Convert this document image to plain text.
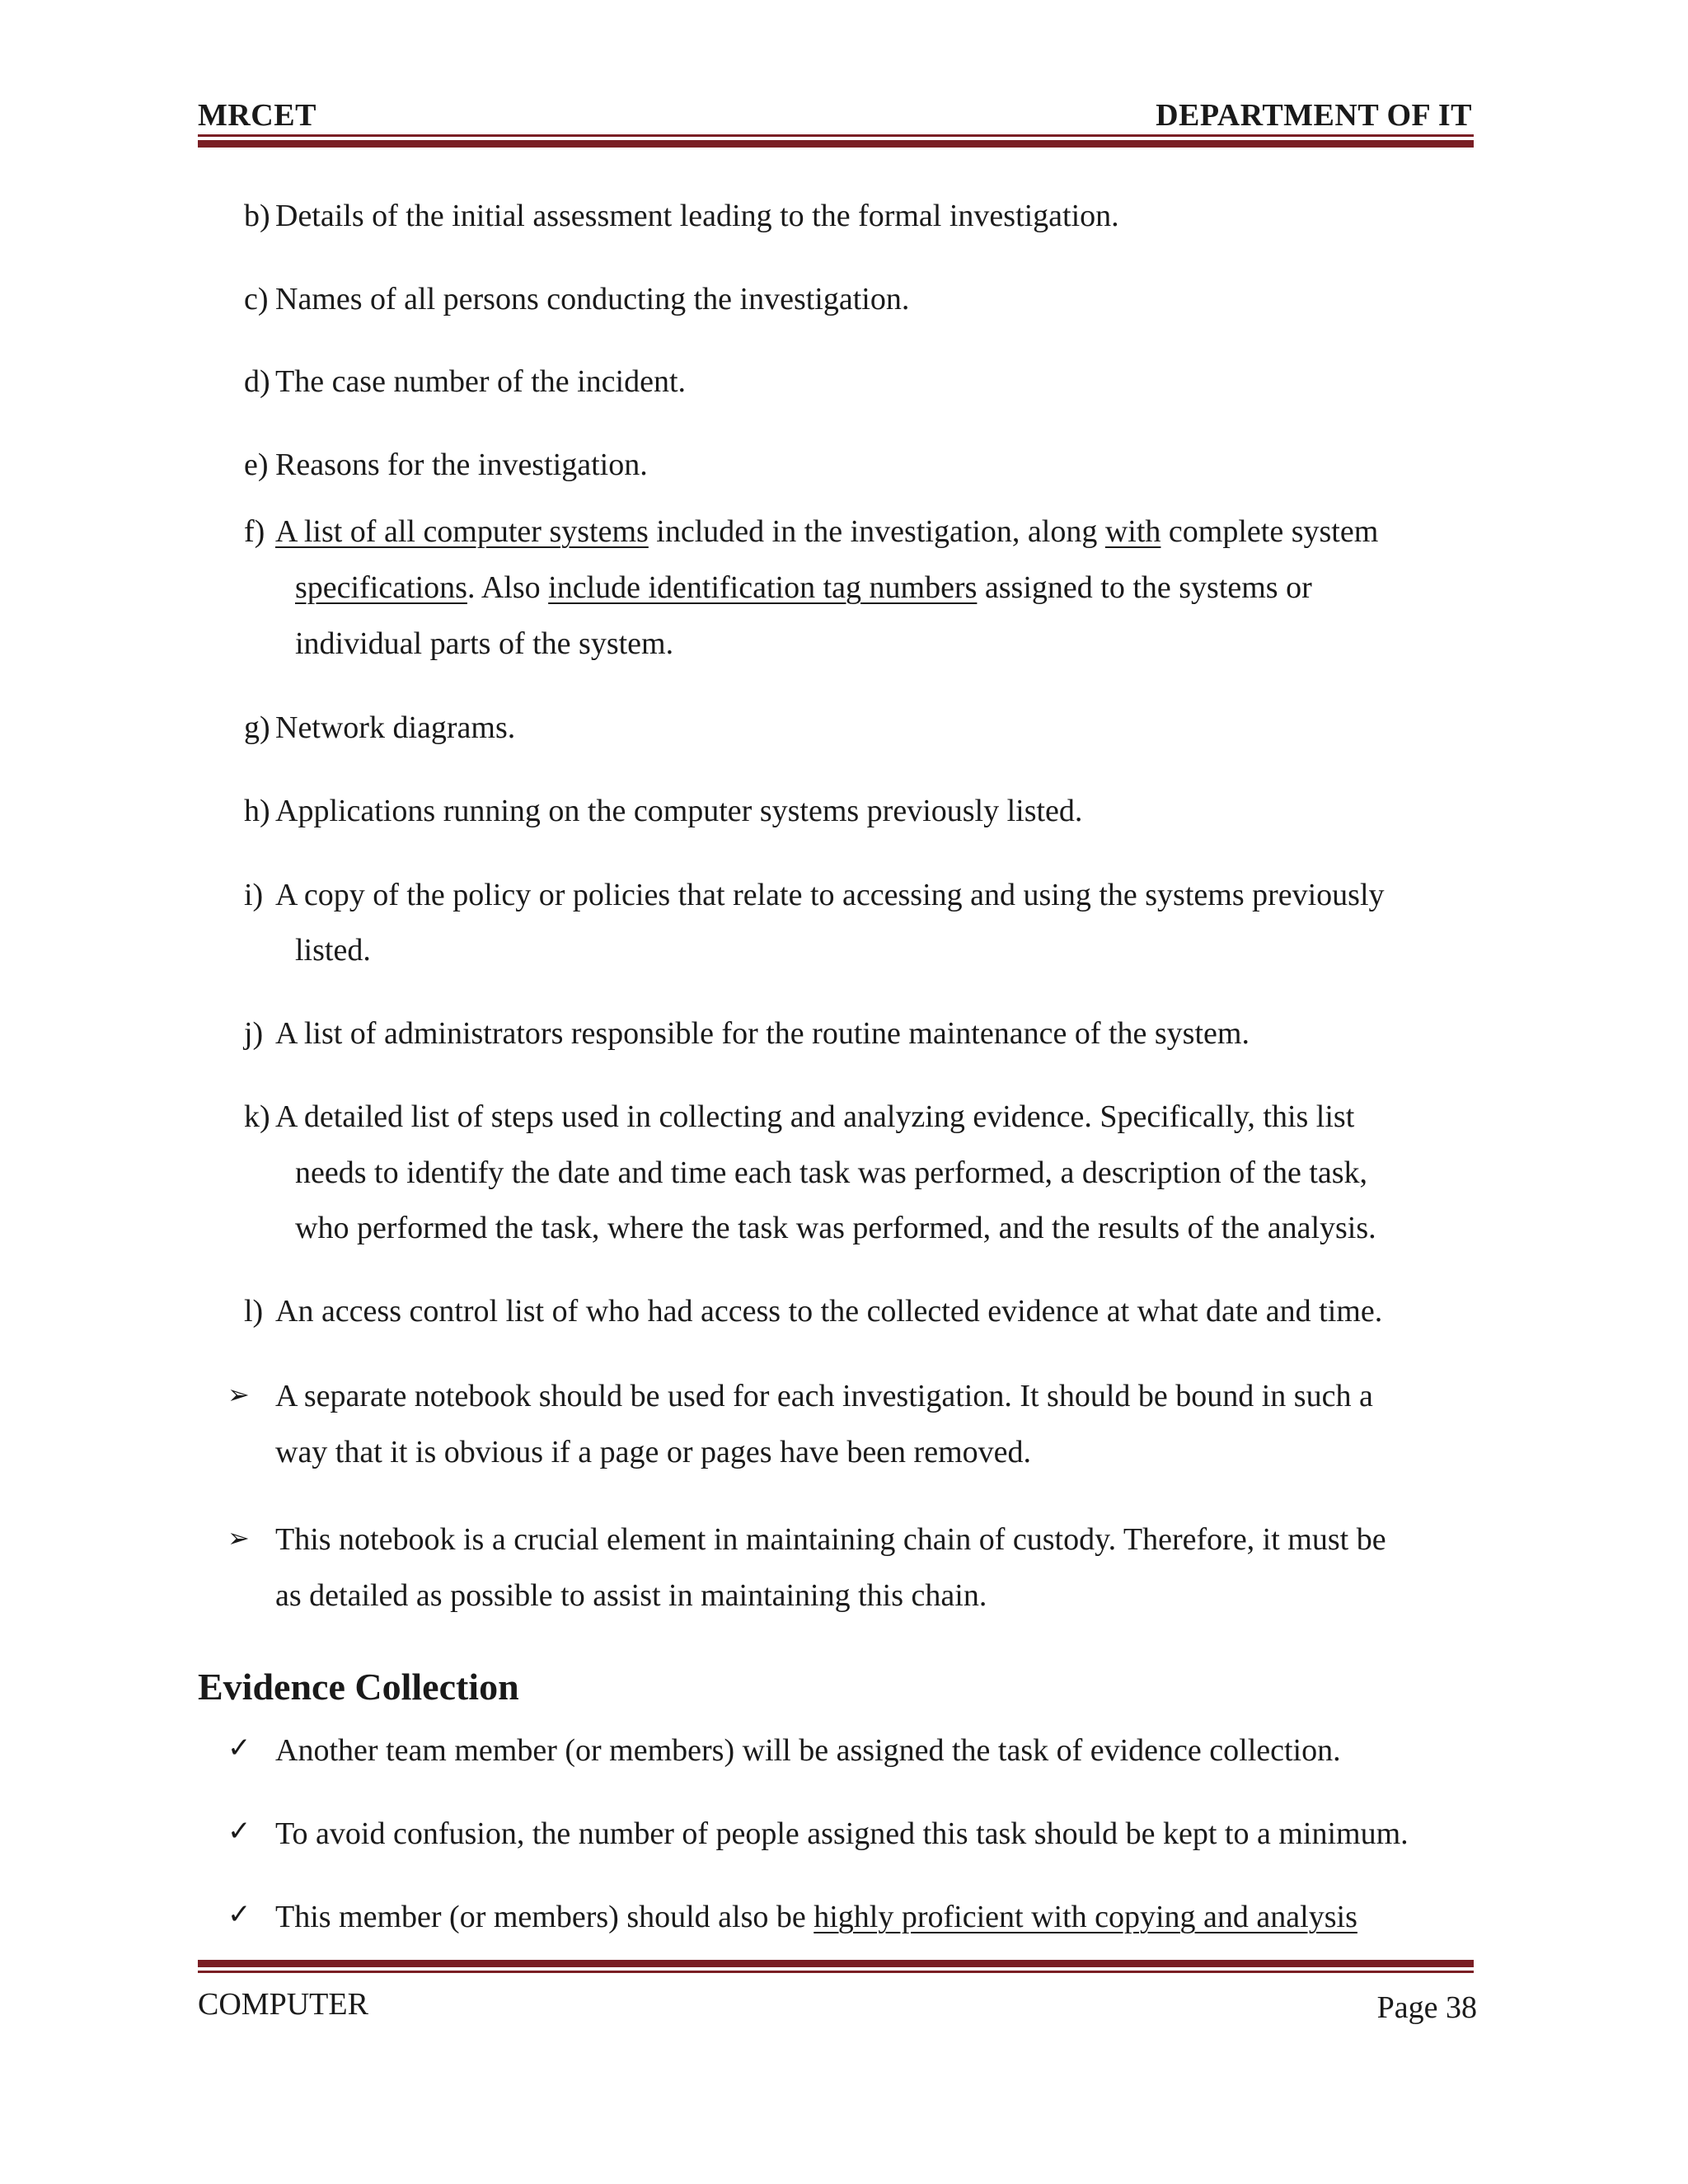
MRCET	DEPARTMENT OF IT
b) Details of the initial assessment leading to the formal investigation.
c) Names of all persons conducting the investigation.
d) The case number of the incident.
e) Reasons for the investigation.
f) A list of all computer systems included in the investigation, along with complete system
specifications. Also include identification tag numbers assigned to the systems or
individual parts of the system.
g) Network diagrams.
h) Applications running on the computer systems previously listed.
i) A copy of the policy or policies that relate to accessing and using the systems previously
listed.
j) A list of administrators responsible for the routine maintenance of the system.
k) A detailed list of steps used in collecting and analyzing evidence. Specifically, this list
needs to identify the date and time each task was performed, a description of the task,
who performed the task, where the task was performed, and the results of the analysis.
l) An access control list of who had access to the collected evidence at what date and time.
➢ A separate notebook should be used for each investigation. It should be bound in such a
way that it is obvious if a page or pages have been removed.
➢ This notebook is a crucial element in maintaining chain of custody. Therefore, it must be
as detailed as possible to assist in maintaining this chain.
Evidence Collection
✓ Another team member (or members) will be assigned the task of evidence collection.
✓ To avoid confusion, the number of people assigned this task should be kept to a minimum.
✓ This member (or members) should also be highly proficient with copying and analysis
COMPUTER	Page 38
